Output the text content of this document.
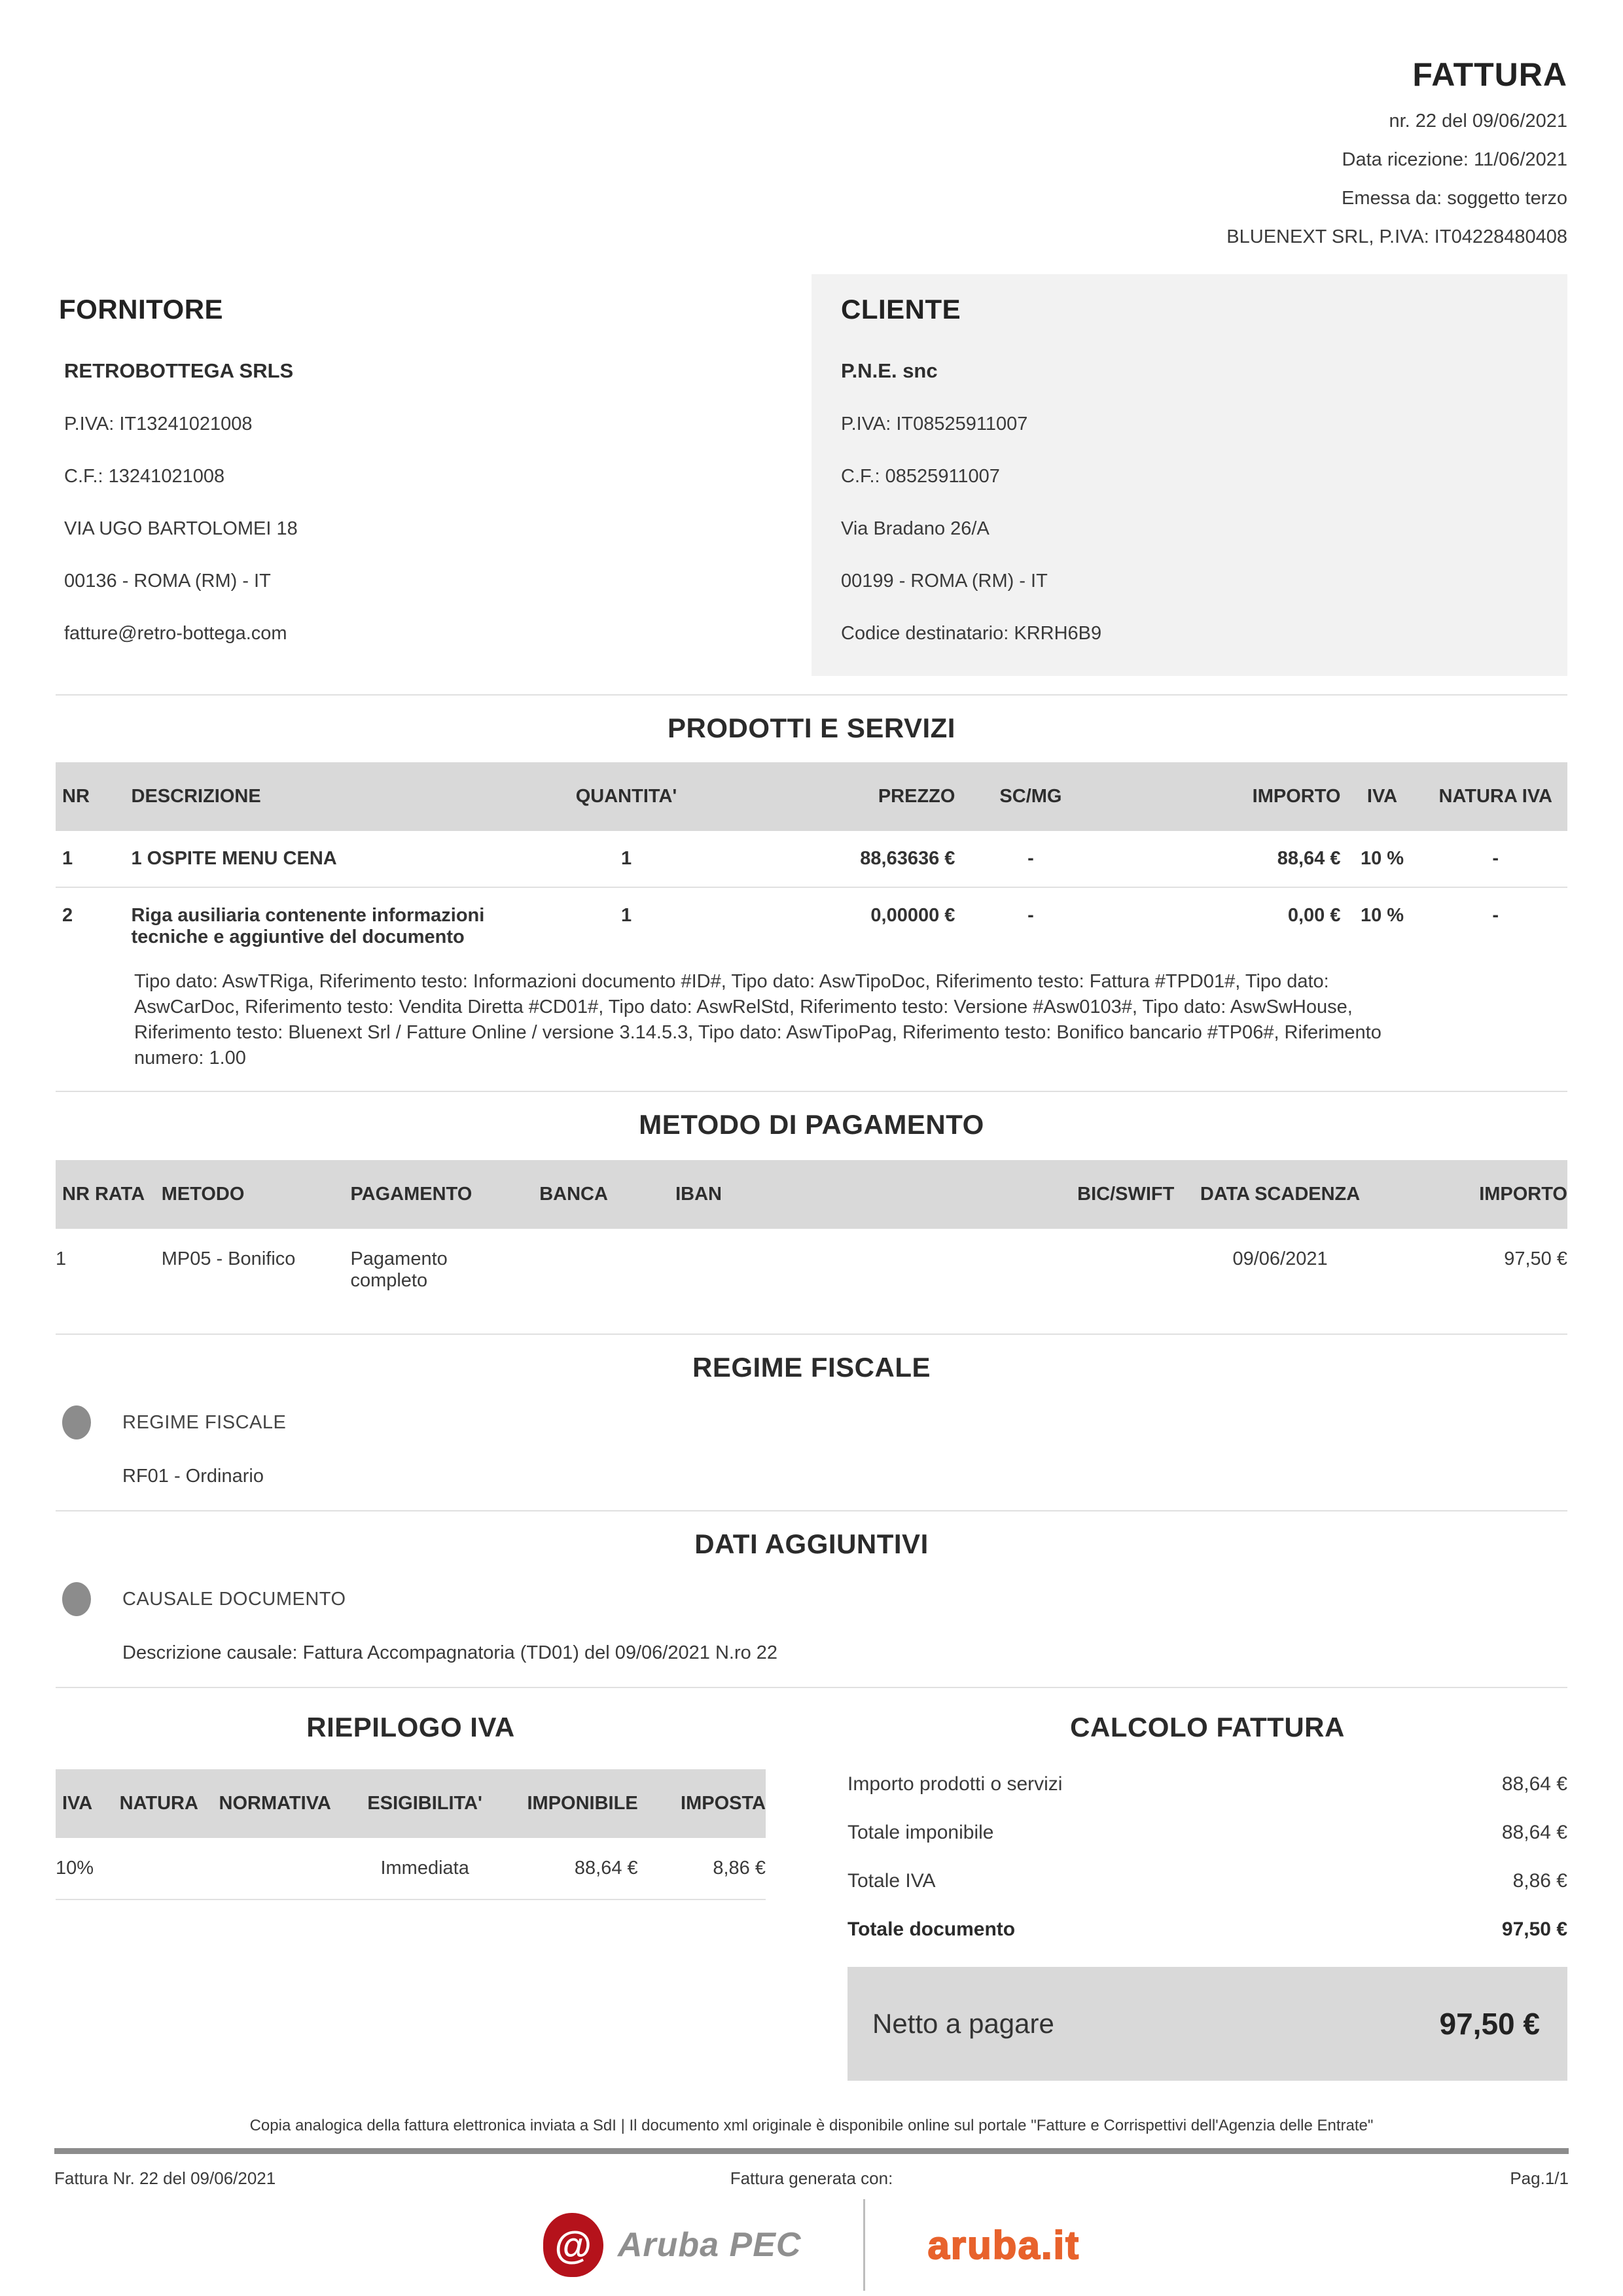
FATTURA
nr. 22 del 09/06/2021
Data ricezione: 11/06/2021
Emessa da: soggetto terzo
BLUENEXT SRL, P.IVA: IT04228480408
FORNITORE
RETROBOTTEGA SRLS
P.IVA: IT13241021008
C.F.: 13241021008
VIA UGO BARTOLOMEI 18
00136 - ROMA (RM) - IT
fatture@retro-bottega.com
CLIENTE
P.N.E. snc
P.IVA: IT08525911007
C.F.: 08525911007
Via Bradano 26/A
00199 - ROMA (RM) - IT
Codice destinatario: KRRH6B9
PRODOTTI E SERVIZI
NR	DESCRIZIONE	QUANTITA'	PREZZO	SC/MG	IMPORTO	IVA	NATURA IVA
1	1 OSPITE MENU CENA	1	88,63636 €	-	88,64 €	10 %	-
2	Riga ausiliaria contenente informazioni tecniche e aggiuntive del documento	1	0,00000 €	-	0,00 €	10 %	-
Tipo dato: AswTRiga, Riferimento testo: Informazioni documento #ID#, Tipo dato: AswTipoDoc, Riferimento testo: Fattura #TPD01#, Tipo dato: AswCarDoc, Riferimento testo: Vendita Diretta #CD01#, Tipo dato: AswRelStd, Riferimento testo: Versione #Asw0103#, Tipo dato: AswSwHouse, Riferimento testo: Bluenext Srl / Fatture Online / versione 3.14.5.3, Tipo dato: AswTipoPag, Riferimento testo: Bonifico bancario #TP06#, Riferimento numero: 1.00
METODO DI PAGAMENTO
NR RATA	METODO	PAGAMENTO	BANCA	IBAN	BIC/SWIFT	DATA SCADENZA	IMPORTO
1	MP05 - Bonifico	Pagamento completo				09/06/2021	97,50 €
REGIME FISCALE
REGIME FISCALE
RF01 - Ordinario
DATI AGGIUNTIVI
CAUSALE DOCUMENTO
Descrizione causale: Fattura Accompagnatoria (TD01) del 09/06/2021 N.ro 22
RIEPILOGO IVA
IVA	NATURA	NORMATIVA	ESIGIBILITA'	IMPONIBILE	IMPOSTA
10%			Immediata	88,64 €	8,86 €
CALCOLO FATTURA
Importo prodotti o servizi	88,64 €
Totale imponibile	88,64 €
Totale IVA	8,86 €
Totale documento	97,50 €
Netto a pagare	97,50 €
Copia analogica della fattura elettronica inviata a SdI | Il documento xml originale è disponibile online sul portale "Fatture e Corrispettivi dell'Agenzia delle Entrate"
Fattura Nr. 22 del 09/06/2021	Fattura generata con:	Pag.1/1
@ Aruba PEC	aruba.it
